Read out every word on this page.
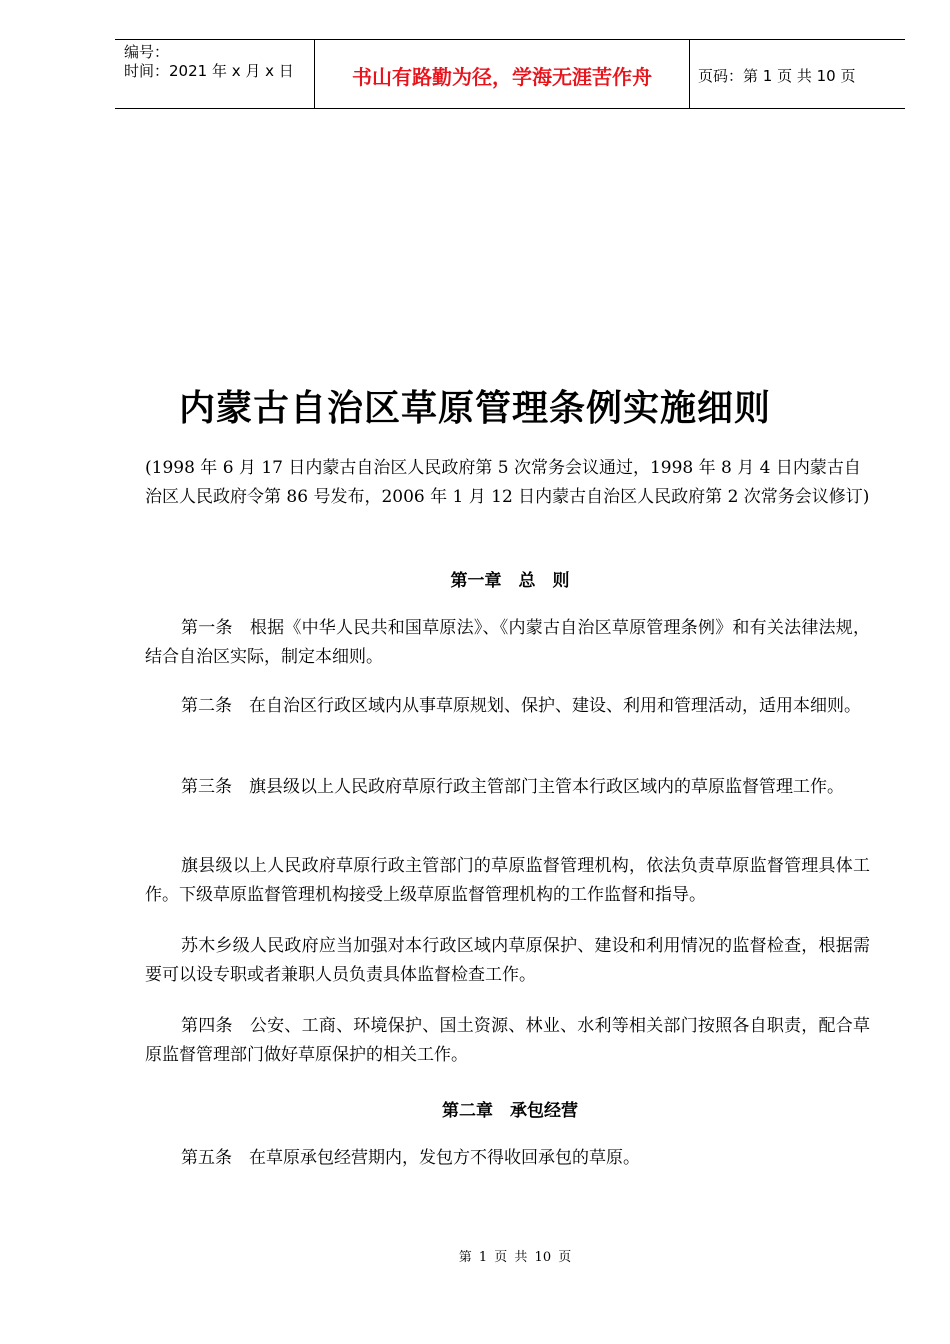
编号：
时间：2021 年 x 月 x 日	书山有路勤为径，学海无涯苦作舟	页码：第 1 页 共 10 页
内蒙古自治区草原管理条例实施细则
(1998 年 6 月 17 日内蒙古自治区人民政府第 5 次常务会议通过，1998 年 8 月 4 日内蒙古自治区人民政府令第 86 号发布，2006 年 1 月 12 日内蒙古自治区人民政府第 2 次常务会议修订)
第一章　总　则
第一条　根据《中华人民共和国草原法》、《内蒙古自治区草原管理条例》和有关法律法规，结合自治区实际，制定本细则。
第二条　在自治区行政区域内从事草原规划、保护、建设、利用和管理活动，适用本细则。
第三条　旗县级以上人民政府草原行政主管部门主管本行政区域内的草原监督管理工作。
旗县级以上人民政府草原行政主管部门的草原监督管理机构，依法负责草原监督管理具体工作。下级草原监督管理机构接受上级草原监督管理机构的工作监督和指导。
苏木乡级人民政府应当加强对本行政区域内草原保护、建设和利用情况的监督检查，根据需要可以设专职或者兼职人员负责具体监督检查工作。
第四条　公安、工商、环境保护、国土资源、林业、水利等相关部门按照各自职责，配合草原监督管理部门做好草原保护的相关工作。
第二章　承包经营
第五条　在草原承包经营期内，发包方不得收回承包的草原。
第 1 页 共 10 页
